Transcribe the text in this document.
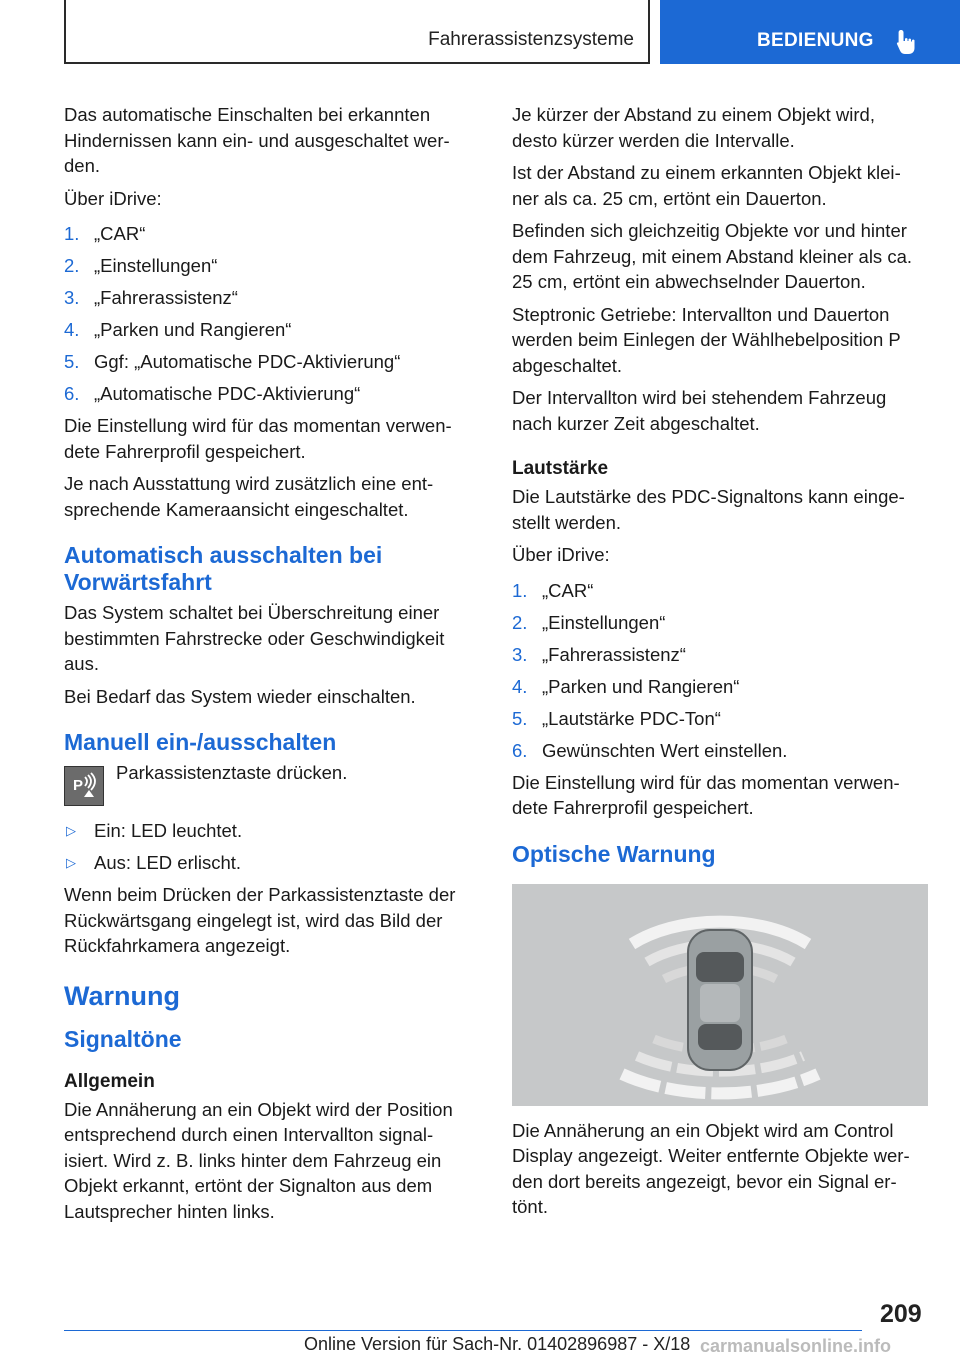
Fahrerassistenzsysteme	BEDIENUNG

Das automatische Einschalten bei erkannten Hindernissen kann ein- und ausgeschaltet werden.

Über iDrive:

1. „CAR“
2. „Einstellungen“
3. „Fahrerassistenz“
4. „Parken und Rangieren“
5. Ggf: „Automatische PDC-Aktivierung“
6. „Automatische PDC-Aktivierung“

Die Einstellung wird für das momentan verwendete Fahrerprofil gespeichert.

Je nach Ausstattung wird zusätzlich eine entsprechende Kameraansicht eingeschaltet.

Automatisch ausschalten bei Vorwärtsfahrt

Das System schaltet bei Überschreitung einer bestimmten Fahrstrecke oder Geschwindigkeit aus.

Bei Bedarf das System wieder einschalten.

Manuell ein-/ausschalten
P
Parkassistenztaste drücken.
▷ Ein: LED leuchtet.
▷ Aus: LED erlischt.

Wenn beim Drücken der Parkassistenztaste der Rückwärtsgang eingelegt ist, wird das Bild der Rückfahrkamera angezeigt.

Warnung
Signaltöne
Allgemein

Die Annäherung an ein Objekt wird der Position entsprechend durch einen Intervallton signalisiert. Wird z. B. links hinter dem Fahrzeug ein Objekt erkannt, ertönt der Signalton aus dem Lautsprecher hinten links.

Je kürzer der Abstand zu einem Objekt wird, desto kürzer werden die Intervalle.

Ist der Abstand zu einem erkannten Objekt kleiner als ca. 25 cm, ertönt ein Dauerton.

Befinden sich gleichzeitig Objekte vor und hinter dem Fahrzeug, mit einem Abstand kleiner als ca. 25 cm, ertönt ein abwechselnder Dauerton.

Steptronic Getriebe: Intervallton und Dauerton werden beim Einlegen der Wählhebelposition P abgeschaltet.

Der Intervallton wird bei stehendem Fahrzeug nach kurzer Zeit abgeschaltet.

Lautstärke

Die Lautstärke des PDC-Signaltons kann eingestellt werden.

Über iDrive:

1. „CAR“
2. „Einstellungen“
3. „Fahrerassistenz“
4. „Parken und Rangieren“
5. „Lautstärke PDC-Ton“
6. Gewünschten Wert einstellen.

Die Einstellung wird für das momentan verwendete Fahrerprofil gespeichert.

Optische Warnung

Die Annäherung an ein Objekt wird am Control Display angezeigt. Weiter entfernte Objekte werden dort bereits angezeigt, bevor ein Signal ertönt.

209
Online Version für Sach-Nr. 01402896987 - X/18 carmanualsonline.info
